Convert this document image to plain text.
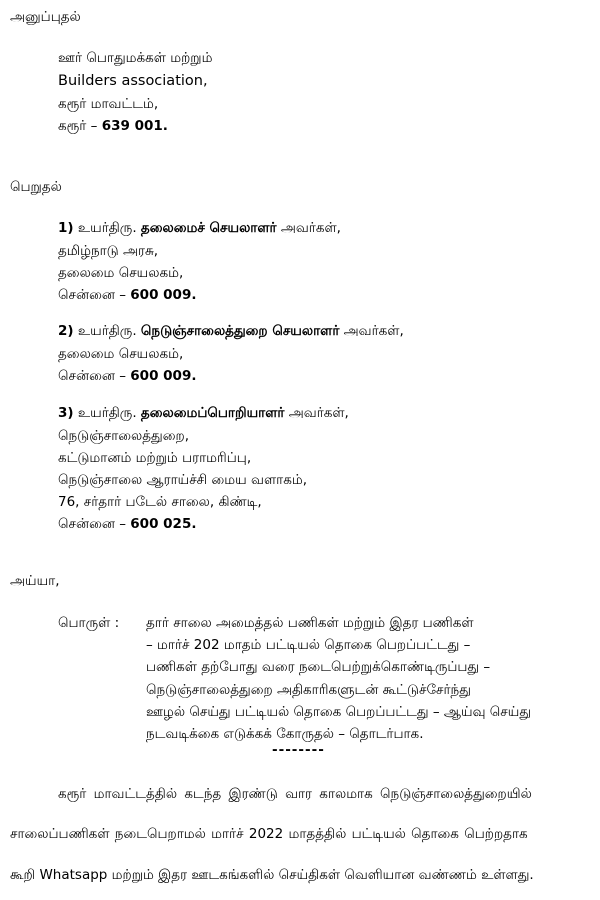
அனுப்புதல்
ஊர் பொதுமக்கள் மற்றும்
Builders association,
கரூர் மாவட்டம்,
கரூர் – 639 001.
பெறுதல்
1) உயர்திரு. தலைமைச் செயலாளர் அவர்கள்,
தமிழ்நாடு அரசு,
தலைமை செயலகம்,
சென்னை – 600 009.
2) உயர்திரு. நெடுஞ்சாலைத்துறை செயலாளர் அவர்கள்,
தலைமை செயலகம்,
சென்னை – 600 009.
3) உயர்திரு. தலைமைப்பொறியாளர் அவர்கள்,
நெடுஞ்சாலைத்துறை,
கட்டுமானம் மற்றும் பராமரிப்பு,
நெடுஞ்சாலை ஆராய்ச்சி மைய வளாகம்,
76, சர்தார் படேல் சாலை, கிண்டி,
சென்னை – 600 025.
அய்யா,
பொருள் : தார் சாலை அமைத்தல் பணிகள் மற்றும் இதர பணிகள்
– மார்ச் 202 மாதம் பட்டியல் தொகை பெறப்பட்டது –
பணிகள் தற்போது வரை நடைபெற்றுக்கொண்டிருப்பது –
நெடுஞ்சாலைத்துறை அதிகாரிகளுடன் கூட்டுச்சேர்ந்து
ஊழல் செய்து பட்டியல் தொகை பெறப்பட்டது – ஆய்வு செய்து
நடவடிக்கை எடுக்கக் கோருதல் – தொடர்பாக.
--------
கரூர் மாவட்டத்தில் கடந்த இரண்டு வார காலமாக நெடுஞ்சாலைத்துறையில்
சாலைப்பணிகள் நடைபெறாமல் மார்ச் 2022 மாதத்தில் பட்டியல் தொகை பெற்றதாக
கூறி Whatsapp மற்றும் இதர ஊடகங்களில் செய்திகள் வெளியான வண்ணம் உள்ளது.
